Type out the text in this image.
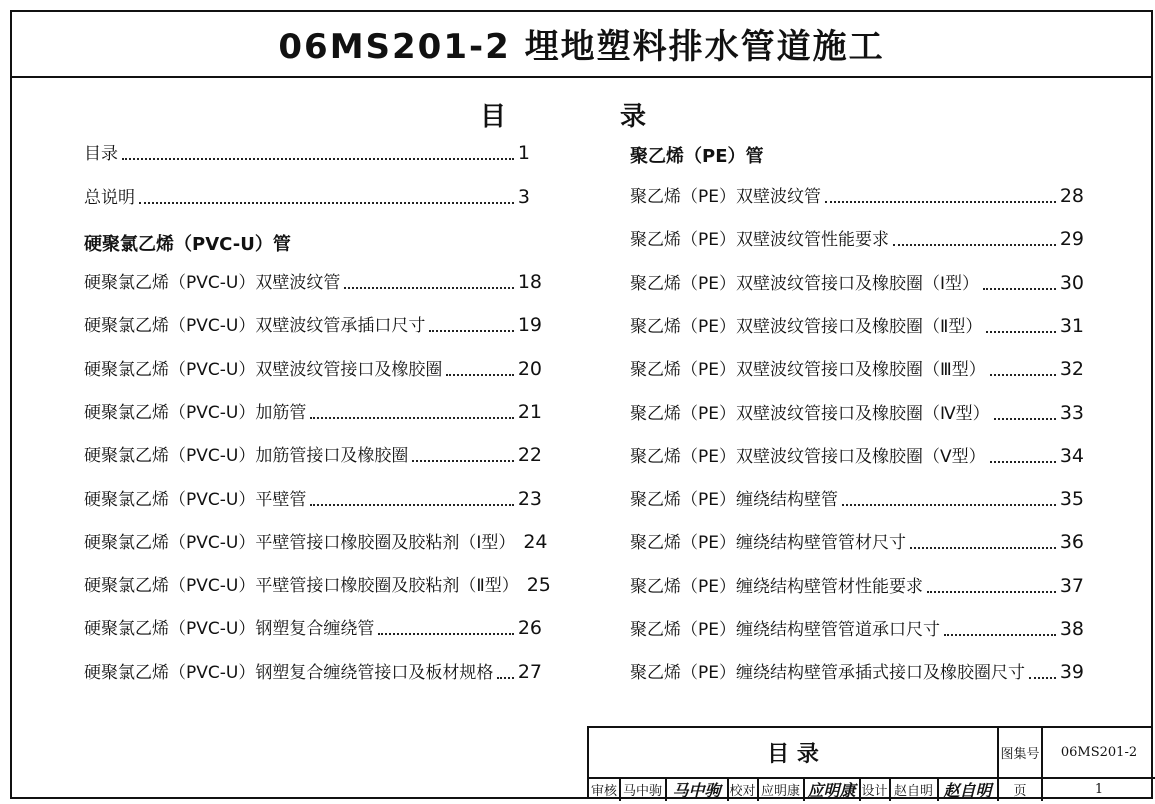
06MS201-2 埋地塑料排水管道施工
目	录
目录	1
总说明	3
硬聚氯乙烯（PVC-U）管
硬聚氯乙烯（PVC-U）双壁波纹管	18
硬聚氯乙烯（PVC-U）双壁波纹管承插口尺寸	19
硬聚氯乙烯（PVC-U）双壁波纹管接口及橡胶圈	20
硬聚氯乙烯（PVC-U）加筋管	21
硬聚氯乙烯（PVC-U）加筋管接口及橡胶圈	22
硬聚氯乙烯（PVC-U）平壁管	23
硬聚氯乙烯（PVC-U）平壁管接口橡胶圈及胶粘剂（Ⅰ型） 24
硬聚氯乙烯（PVC-U）平壁管接口橡胶圈及胶粘剂（Ⅱ型） 25
硬聚氯乙烯（PVC-U）钢塑复合缠绕管	26
硬聚氯乙烯（PVC-U）钢塑复合缠绕管接口及板材规格 27
聚乙烯（PE）管
聚乙烯（PE）双壁波纹管	28
聚乙烯（PE）双壁波纹管性能要求	29
聚乙烯（PE）双壁波纹管接口及橡胶圈（Ⅰ型）	30
聚乙烯（PE）双壁波纹管接口及橡胶圈（Ⅱ型）	31
聚乙烯（PE）双壁波纹管接口及橡胶圈（Ⅲ型）	32
聚乙烯（PE）双壁波纹管接口及橡胶圈（Ⅳ型）	33
聚乙烯（PE）双壁波纹管接口及橡胶圈（Ⅴ型）	34
聚乙烯（PE）缠绕结构壁管	35
聚乙烯（PE）缠绕结构壁管管材尺寸	36
聚乙烯（PE）缠绕结构壁管材性能要求	37
聚乙烯（PE）缠绕结构壁管管道承口尺寸	38
聚乙烯（PE）缠绕结构壁管承插式接口及橡胶圈尺寸 39
目 录	图集号	06MS201-2
审核 马中驹 马中驹 校对 应明康 应明康 设计 赵自明 赵自明	页	1
